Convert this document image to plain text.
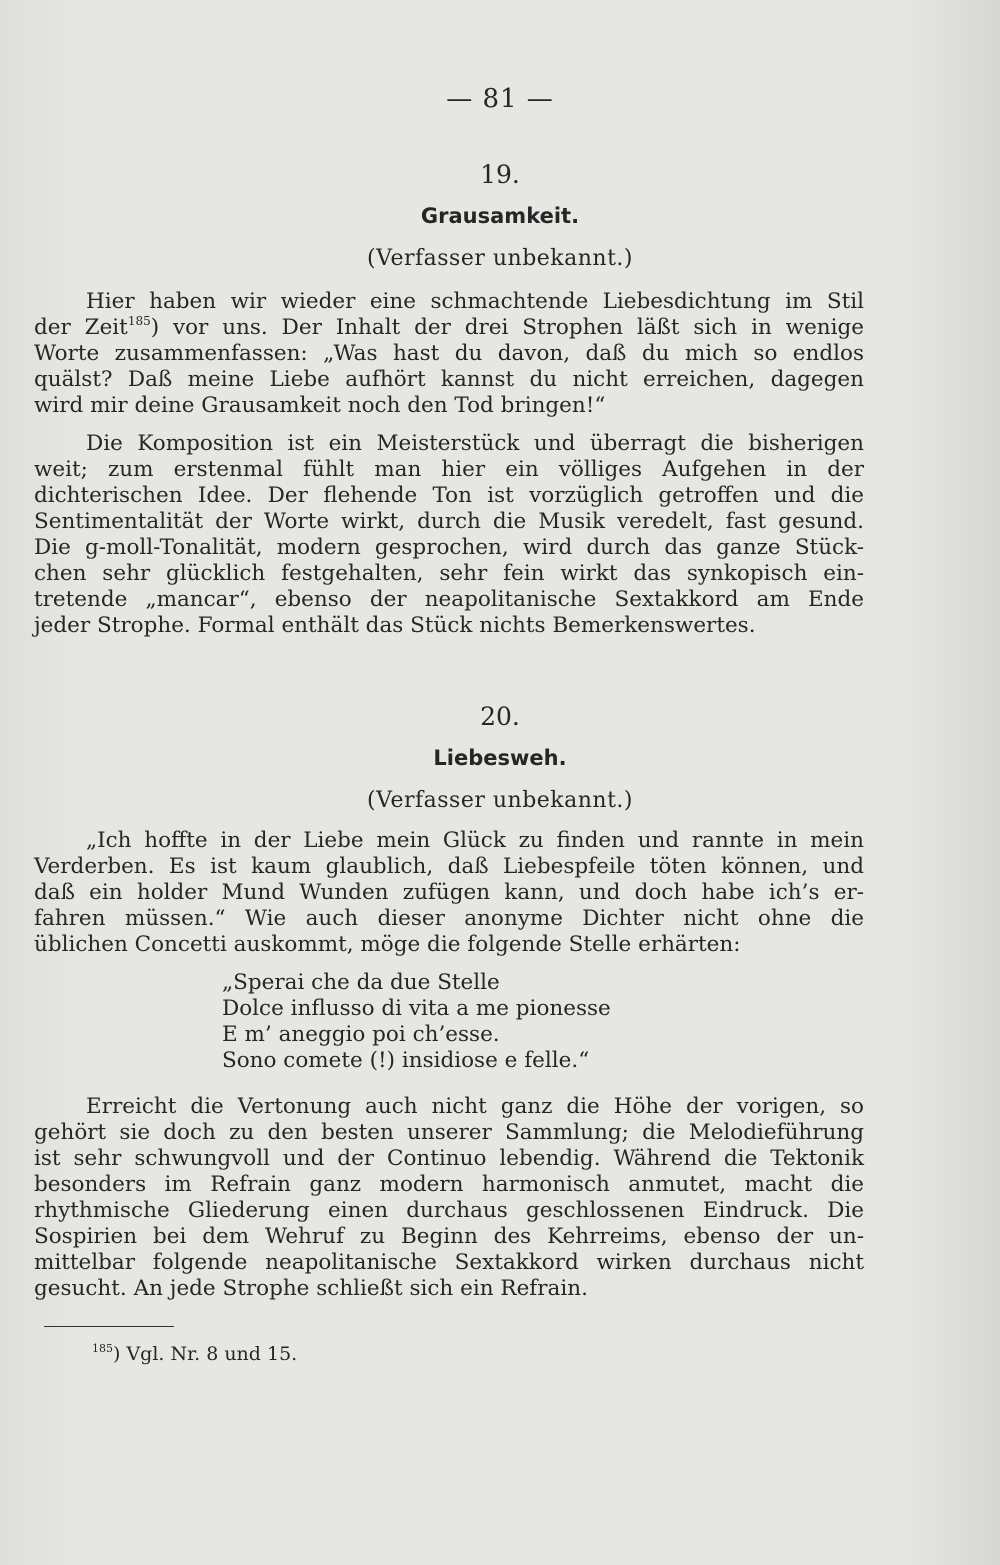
— 81 —
19.
Grausamkeit.
(Verfasser unbekannt.)
Hier haben wir wieder eine schmachtende Liebesdichtung im Stil
der Zeit$^{185}$) vor uns. Der Inhalt der drei Strophen läßt sich in wenige
Worte zusammenfassen: „Was hast du davon, daß du mich so endlos
quälst? Daß meine Liebe aufhört kannst du nicht erreichen, dagegen
wird mir deine Grausamkeit noch den Tod bringen!“
Die Komposition ist ein Meisterstück und überragt die bisherigen
weit; zum erstenmal fühlt man hier ein völliges Aufgehen in der
dichterischen Idee. Der flehende Ton ist vorzüglich getroffen und die
Sentimentalität der Worte wirkt, durch die Musik veredelt, fast gesund.
Die g-moll-Tonalität, modern gesprochen, wird durch das ganze Stück-
chen sehr glücklich festgehalten, sehr fein wirkt das synkopisch ein-
tretende „mancar“, ebenso der neapolitanische Sextakkord am Ende
jeder Strophe. Formal enthält das Stück nichts Bemerkenswertes.
20.
Liebesweh.
(Verfasser unbekannt.)
„Ich hoffte in der Liebe mein Glück zu finden und rannte in mein
Verderben. Es ist kaum glaublich, daß Liebespfeile töten können, und
daß ein holder Mund Wunden zufügen kann, und doch habe ich’s er-
fahren müssen.“ Wie auch dieser anonyme Dichter nicht ohne die
üblichen Concetti auskommt, möge die folgende Stelle erhärten:
„Sperai che da due Stelle
Dolce influsso di vita a me pionesse
E m’ aneggio poi ch’esse.
Sono comete (!) insidiose e felle.“
Erreicht die Vertonung auch nicht ganz die Höhe der vorigen, so
gehört sie doch zu den besten unserer Sammlung; die Melodieführung
ist sehr schwungvoll und der Continuo lebendig. Während die Tektonik
besonders im Refrain ganz modern harmonisch anmutet, macht die
rhythmische Gliederung einen durchaus geschlossenen Eindruck. Die
Sospirien bei dem Wehruf zu Beginn des Kehrreims, ebenso der un-
mittelbar folgende neapolitanische Sextakkord wirken durchaus nicht
gesucht. An jede Strophe schließt sich ein Refrain.
$^{185}$) Vgl. Nr. 8 und 15.
